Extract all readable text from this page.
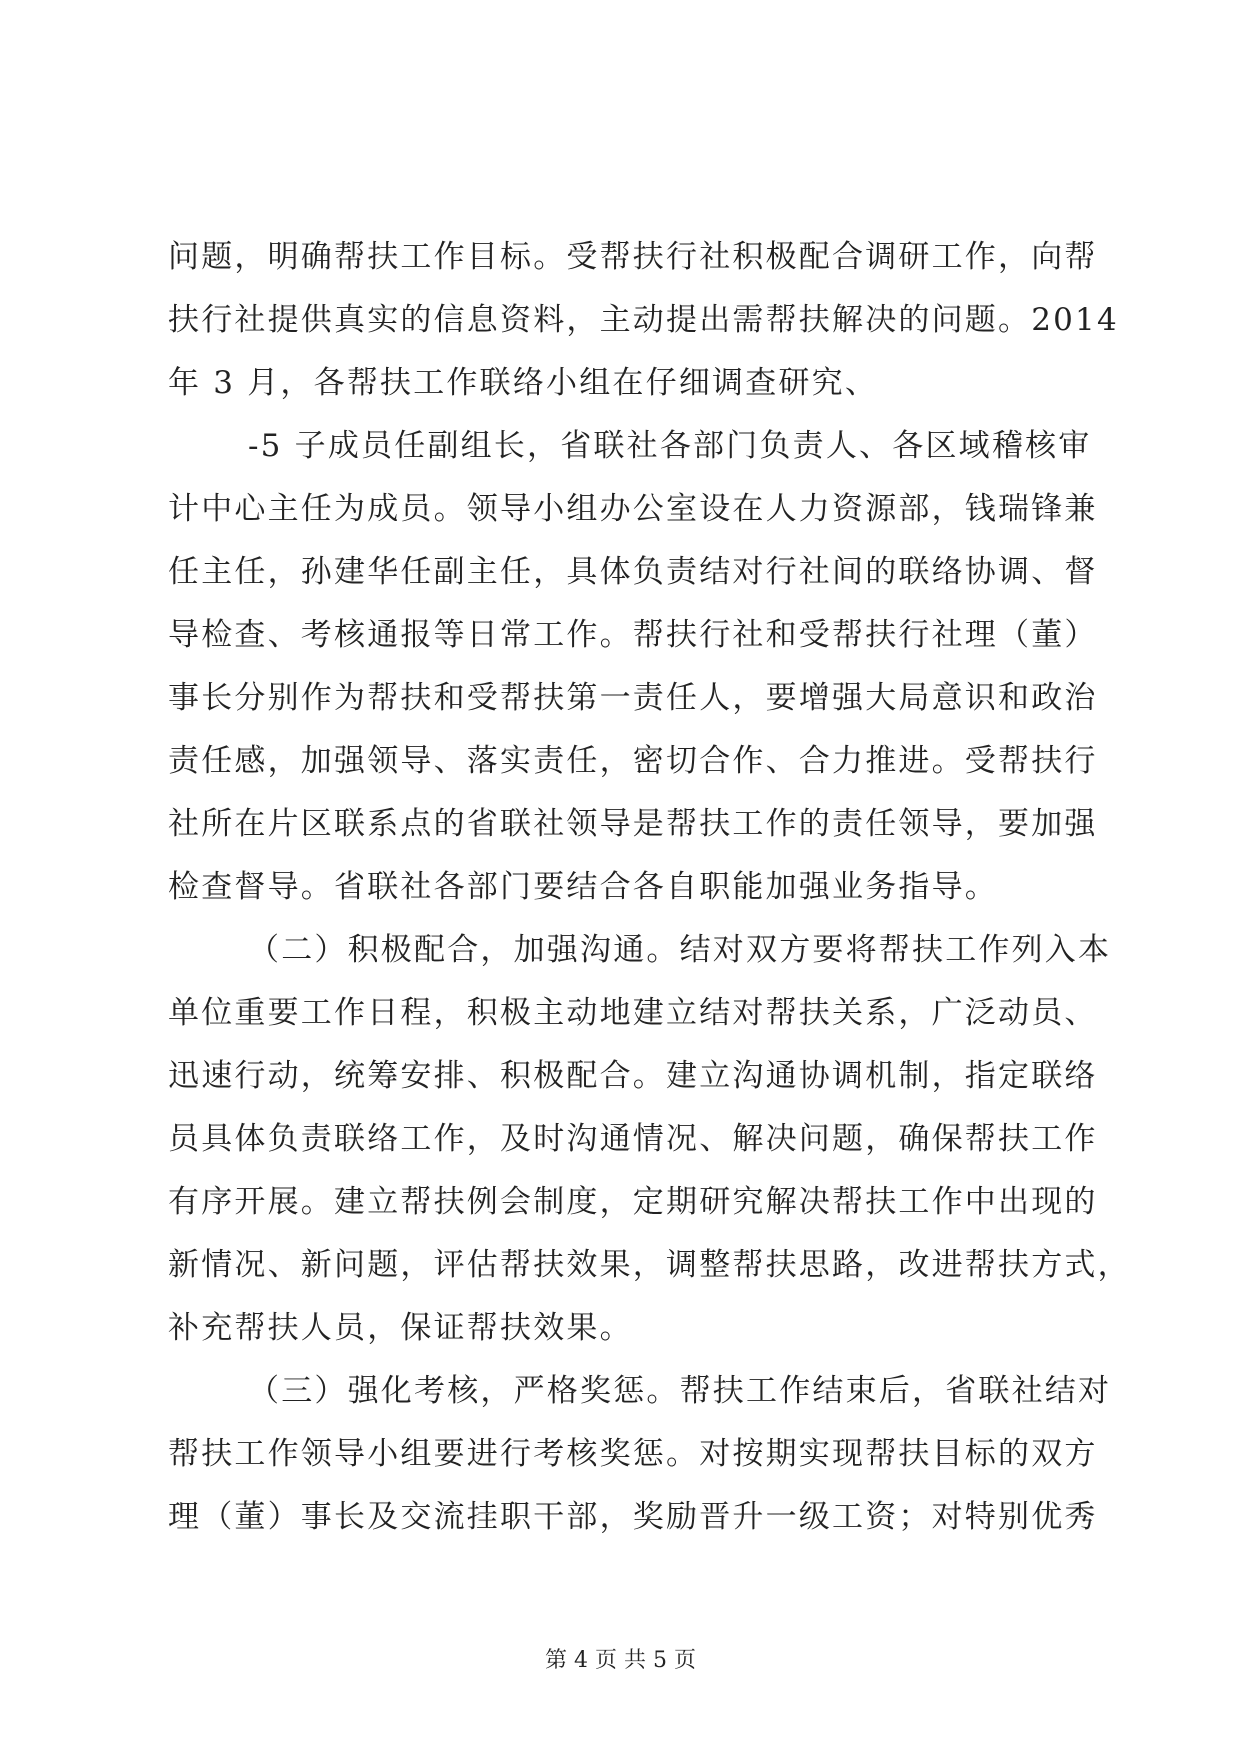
问题，明确帮扶工作目标。受帮扶行社积极配合调研工作，向帮
扶行社提供真实的信息资料，主动提出需帮扶解决的问题。2014
年 3 月，各帮扶工作联络小组在仔细调查研究、
-5 子成员任副组长，省联社各部门负责人、各区域稽核审
计中心主任为成员。领导小组办公室设在人力资源部，钱瑞锋兼
任主任，孙建华任副主任，具体负责结对行社间的联络协调、督
导检查、考核通报等日常工作。帮扶行社和受帮扶行社理（董）
事长分别作为帮扶和受帮扶第一责任人，要增强大局意识和政治
责任感，加强领导、落实责任，密切合作、合力推进。受帮扶行
社所在片区联系点的省联社领导是帮扶工作的责任领导，要加强
检查督导。省联社各部门要结合各自职能加强业务指导。
（二）积极配合，加强沟通。结对双方要将帮扶工作列入本
单位重要工作日程，积极主动地建立结对帮扶关系，广泛动员、
迅速行动，统筹安排、积极配合。建立沟通协调机制，指定联络
员具体负责联络工作，及时沟通情况、解决问题，确保帮扶工作
有序开展。建立帮扶例会制度，定期研究解决帮扶工作中出现的
新情况、新问题，评估帮扶效果，调整帮扶思路，改进帮扶方式，
补充帮扶人员，保证帮扶效果。
（三）强化考核，严格奖惩。帮扶工作结束后，省联社结对
帮扶工作领导小组要进行考核奖惩。对按期实现帮扶目标的双方
理（董）事长及交流挂职干部，奖励晋升一级工资；对特别优秀
第 4 页 共 5 页
